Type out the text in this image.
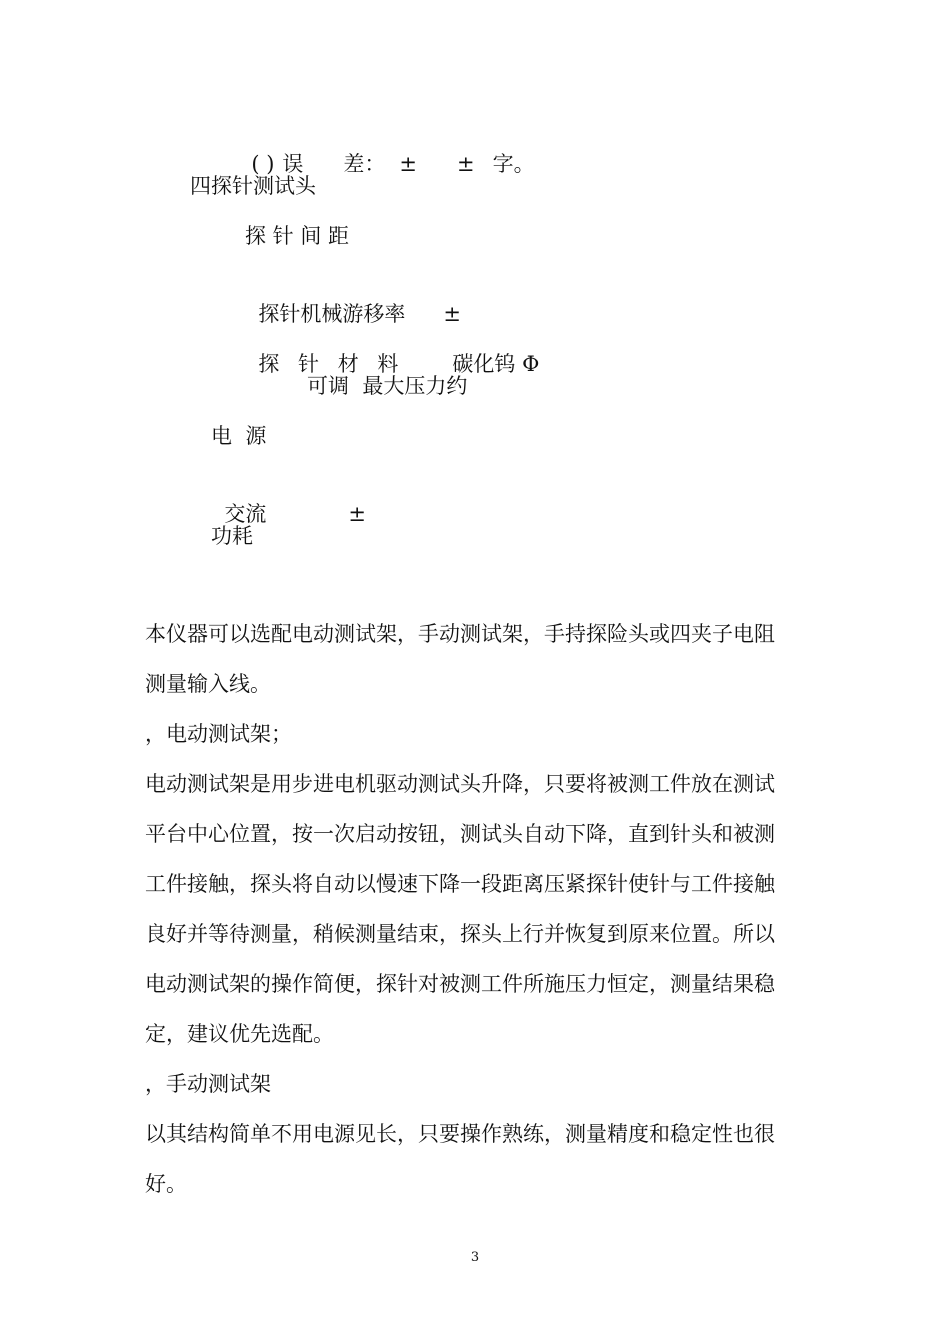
( ) 误 差： ± ± 字。

四探针测试头
探 针 间 距

探针机械游移率 ±

探 针 材 料 碳化钨 Φ

可调  最大压力约
电  源

交流	±

功耗
本仪器可以选配电动测试架，手动测试架，手持探险头或四夹子电阻
测量输入线。
，电动测试架；
电动测试架是用步进电机驱动测试头升降，只要将被测工件放在测试
平台中心位置，按一次启动按钮，测试头自动下降，直到针头和被测
工件接触，探头将自动以慢速下降一段距离压紧探针使针与工件接触
良好并等待测量，稍候测量结束，探头上行并恢复到原来位置。所以
电动测试架的操作简便，探针对被测工件所施压力恒定，测量结果稳
定，建议优先选配。
，手动测试架
以其结构简单不用电源见长，只要操作熟练，测量精度和稳定性也很
好。
3
